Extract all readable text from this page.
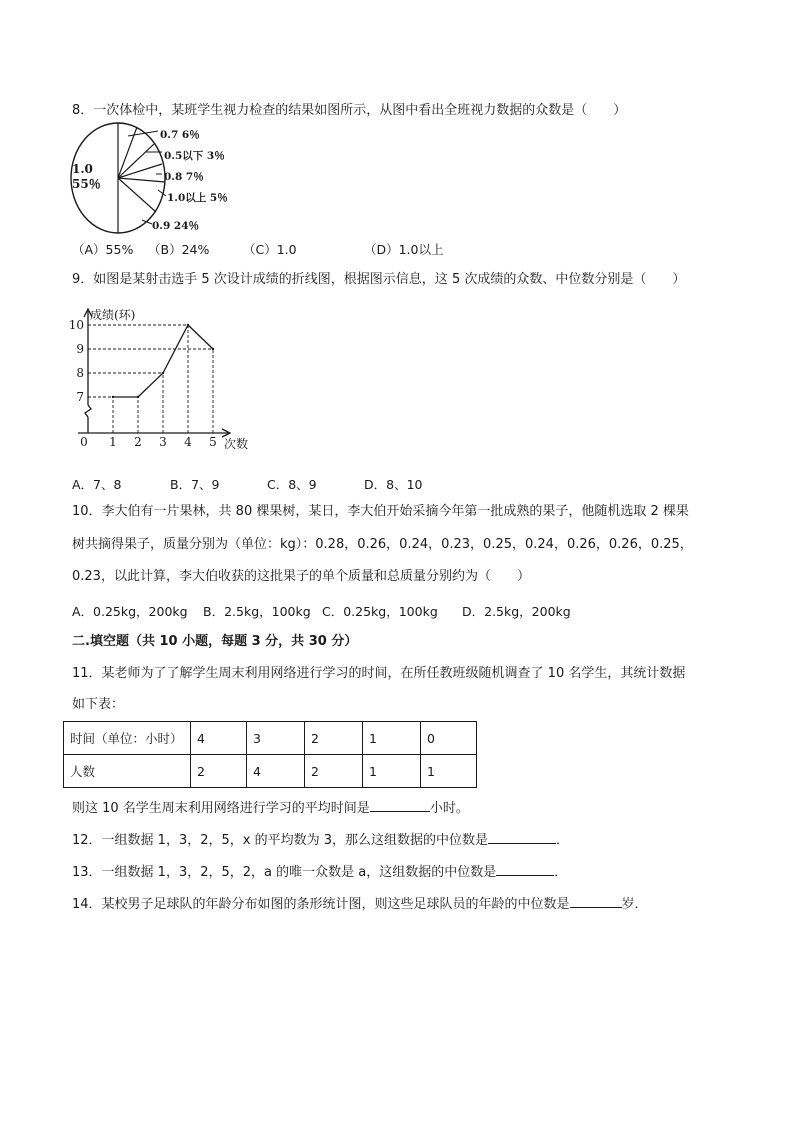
8．一次体检中，某班学生视力检查的结果如图所示，从图中看出全班视力数据的众数是（　　）
1.0
55％
0.7 6％
0.5以下 3％
0.8 7％
1.0以上 5％
0.9 24％
（A）55% （B）24%	（C）1.0	（D）1.0以上
9．如图是某射击选手 5 次设计成绩的折线图，根据图示信息，这 5 次成绩的众数、中位数分别是（　　）
成绩(环)
次数
7
8
9
10
0 1 2 3 4 5
A．7、8	B．7、9	C．8、9	D．8、10
10．李大伯有一片果林，共 80 棵果树，某日，李大伯开始采摘今年第一批成熟的果子，他随机选取 2 棵果
树共摘得果子，质量分别为（单位：kg）：0.28，0.26，0.24，0.23，0.25，0.24，0.26，0.26，0.25，
0.23，以此计算，李大伯收获的这批果子的单个质量和总质量分别约为（　　）
A．0.25kg，200kg B．2.5kg，100kg C．0.25kg，100kg D．2.5kg，200kg
二.填空题（共 10 小题，每题 3 分，共 30 分）
11．某老师为了了解学生周末利用网络进行学习的时间，在所任教班级随机调查了 10 名学生，其统计数据
如下表：
时间（单位：小时）	4	3	2	1	0
人数	2	4	2	1	1
则这 10 名学生周末利用网络进行学习的平均时间是	小时。
12．一组数据 1，3，2，5，x 的平均数为 3，那么这组数据的中位数是	．
13．一组数据 1，3，2，5，2，a 的唯一众数是 a，这组数据的中位数是	．
14．某校男子足球队的年龄分布如图的条形统计图，则这些足球队员的年龄的中位数是	岁．
